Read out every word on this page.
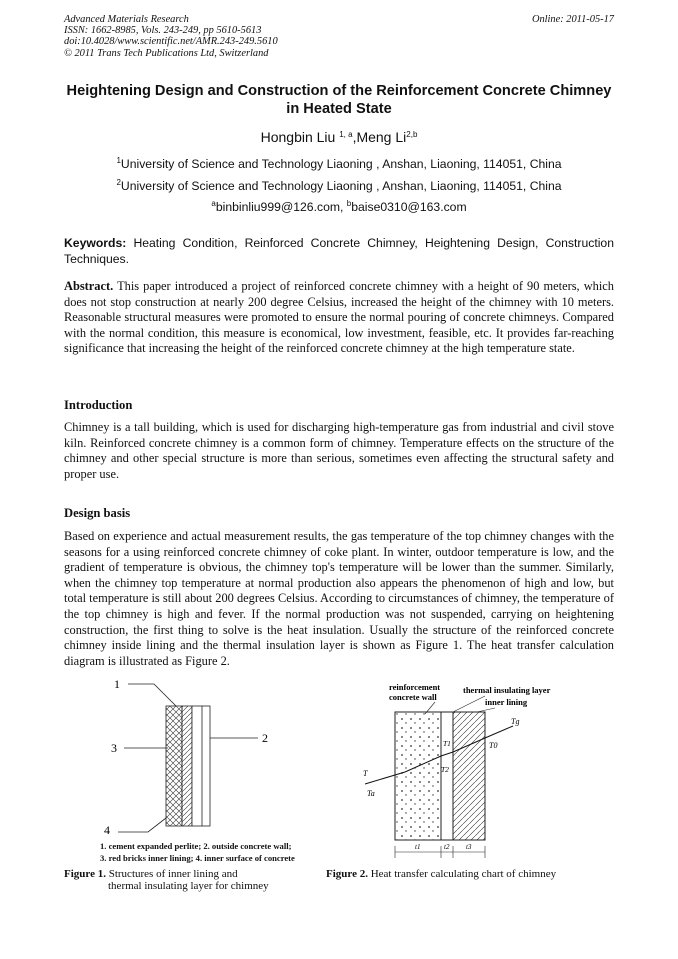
Advanced Materials Research
ISSN: 1662-8985, Vols. 243-249, pp 5610-5613
doi:10.4028/www.scientific.net/AMR.243-249.5610
© 2011 Trans Tech Publications Ltd, Switzerland
Online: 2011-05-17
Heightening Design and Construction of the Reinforcement Concrete Chimney in Heated State
Hongbin Liu $^{1, a}$,Meng Li$^{2,b}$
$^1$University of Science and Technology Liaoning , Anshan, Liaoning, 114051, China
$^2$University of Science and Technology Liaoning , Anshan, Liaoning, 114051, China
$^a$binbinliu999@126.com, $^b$baise0310@163.com
Keywords: Heating Condition, Reinforced Concrete Chimney, Heightening Design, Construction Techniques.
Abstract. This paper introduced a project of reinforced concrete chimney with a height of 90 meters, which does not stop construction at nearly 200 degree Celsius, increased the height of the chimney with 10 meters. Reasonable structural measures were promoted to ensure the normal pouring of concrete chimneys. Compared with the normal condition, this measure is economical, low investment, feasible, etc. It provides far-reaching significance that increasing the height of the reinforced concrete chimney at the high temperature state.
Introduction
Chimney is a tall building, which is used for discharging high-temperature gas from industrial and civil stove kiln. Reinforced concrete chimney is a common form of chimney. Temperature effects on the structure of the chimney and other special structure is more than serious, sometimes even affecting the structural safety and proper use.
Design basis
Based on experience and actual measurement results, the gas temperature of the top chimney changes with the seasons for a using reinforced concrete chimney of coke plant. In winter, outdoor temperature is low, and the gradient of temperature is obvious, the chimney top's temperature will be lower than the summer. Similarly, when the chimney top temperature at normal production also appears the phenomenon of high and low, but total temperature is still about 200 degrees Celsius. According to circumstances of chimney, the temperature of the top chimney is high and fever. If the normal production was not suspended, carrying on heightening construction, the first thing to solve is the heat insulation. Usually the structure of the reinforced concrete chimney inside lining and the thermal insulation layer is shown as Figure 1. The heat transfer calculation diagram is illustrated as Figure 2.
1
2
3
4
1. cement expanded perlite; 2. outside concrete wall;
3. red bricks inner lining; 4. inner surface of concrete
reinforcement
concrete wall
thermal insulating layer
inner lining
Tg
T0
T1
T2
T
Ta
t1	t2 t3
Figure 1. Structures of inner lining and
thermal insulating layer for chimney
Figure 2. Heat transfer calculating chart of chimney
